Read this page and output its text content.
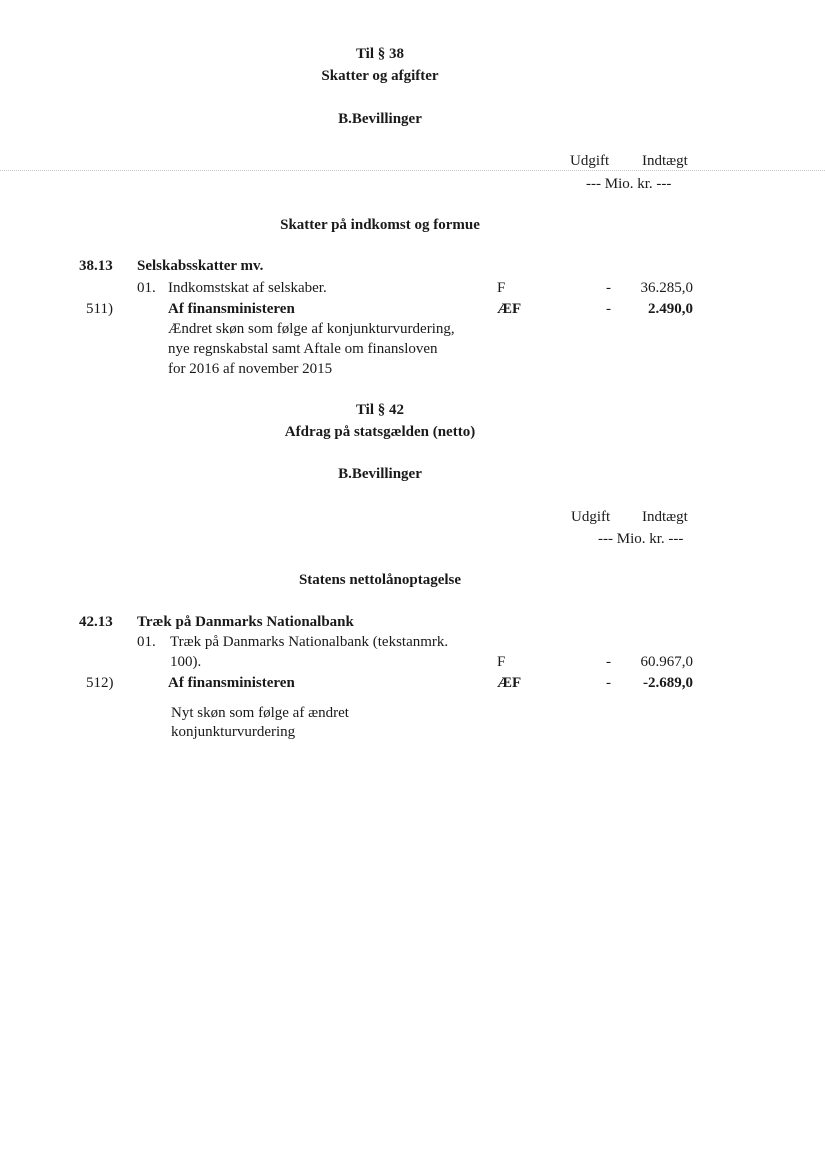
Til § 38
Skatter og afgifter
B.Bevillinger
Udgift Indtægt
--- Mio. kr. ---
Skatter på indkomst og formue
38.13 Selskabsskatter mv.
01. Indkomstskat af selskaber.	F	-	36.285,0
511)	Af finansministeren	ÆF	-	2.490,0
Ændret skøn som følge af konjunkturvurdering,
nye regnskabstal samt Aftale om finansloven
for 2016 af november 2015
Til § 42
Afdrag på statsgælden (netto)
B.Bevillinger
Udgift Indtægt
--- Mio. kr. ---
Statens nettolånoptagelse
42.13 Træk på Danmarks Nationalbank
01. Træk på Danmarks Nationalbank (tekstanmrk.
100).	F	-	60.967,0
512)	Af finansministeren	ÆF	-	-2.689,0
Nyt skøn som følge af ændret
konjunkturvurdering
